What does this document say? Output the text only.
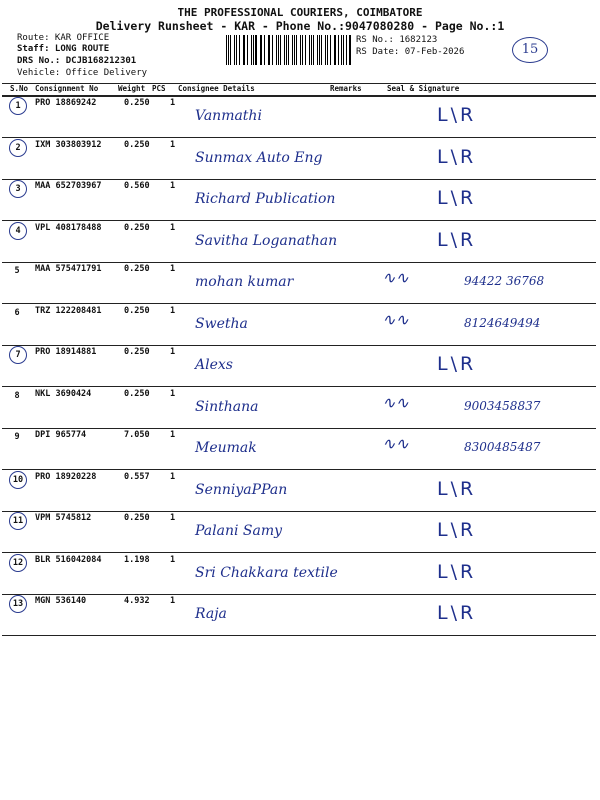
THE PROFESSIONAL COURIERS, COIMBATORE
Delivery Runsheet - KAR - Phone No.:9047080280 - Page No.:1
Route: KAR OFFICE
Staff: LONG ROUTE
DRS No.: DCJB168212301
Vehicle: Office Delivery
RS No.: 1682123
RS Date: 07-Feb-2026	15
S.No Consignment No	Weight PCS Consignee Details	Remarks	Seal & Signature
1	PRO 18869242	0.250 1
Vanmathi	L\R
2	IXM 303803912	0.250 1
Sunmax Auto Eng	L\R
3	MAA 652703967	0.560 1
Richard Publication	L\R
4	VPL 408178488	0.250 1
Savitha Loganathan	L\R
5	MAA 575471791	0.250 1
mohan kumar	94422 36768
∿∿
6	TRZ 122208481	0.250 1
Swetha	8124649494
∿∿
7	PRO 18914881	0.250 1
Alexs	L\R
8	NKL 3690424	0.250 1
Sinthana	9003458837
∿∿
9	DPI 965774	7.050 1
Meumak	8300485487
∿∿
10	PRO 18920228	0.557 1
SenniyaPPan	L\R
11	VPM 5745812	0.250 1
Palani Samy	L\R
12	BLR 516042084	1.198 1
Sri Chakkara textile	L\R
13	MGN 536140	4.932 1
Raja	L\R
